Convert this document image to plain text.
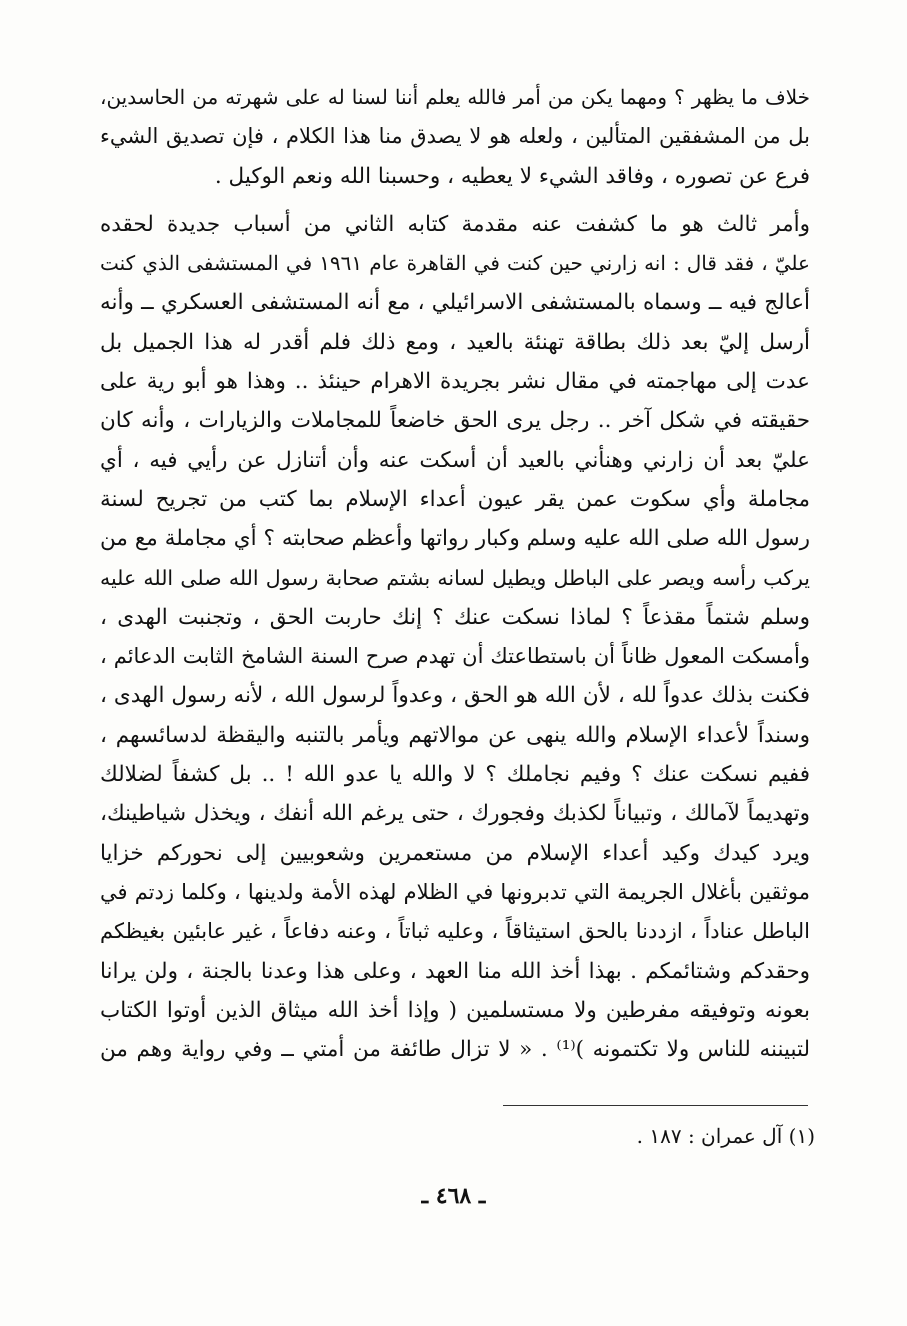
خلاف ما يظهر ؟ ومهما يكن من أمر فالله يعلم أننا لسنا له على شهرته من الحاسدين،
بل من المشفقين المتألين ، ولعله هو لا يصدق منا هذا الكلام ، فإن تصديق الشيء
فرع عن تصوره ، وفاقد الشيء لا يعطيه ، وحسبنا الله ونعم الوكيل .
وأمر ثالث هو ما كشفت عنه مقدمة كتابه الثاني من أسباب جديدة لحقده
عليّ ، فقد قال : انه زارني حين كنت في القاهرة عام ١٩٦١ في المستشفى الذي كنت
أعالج فيه ــ وسماه بالمستشفى الاسرائيلي ، مع أنه المستشفى العسكري ــ وأنه
أرسل إليّ بعد ذلك بطاقة تهنئة بالعيد ، ومع ذلك فلم أقدر له هذا الجميل بل
عدت إلى مهاجمته في مقال نشر بجريدة الاهرام حينئذ .. وهذا هو أبو رية على
حقيقته في شكل آخر .. رجل يرى الحق خاضعاً للمجاملات والزيارات ، وأنه كان
عليّ بعد أن زارني وهنأني بالعيد أن أسكت عنه وأن أتنازل عن رأيي فيه ، أي
مجاملة وأي سكوت عمن يقر عيون أعداء الإسلام بما كتب من تجريح لسنة
رسول الله صلى الله عليه وسلم وكبار رواتها وأعظم صحابته ؟ أي مجاملة مع من
يركب رأسه ويصر على الباطل ويطيل لسانه بشتم صحابة رسول الله صلى الله عليه
وسلم شتماً مقذعاً ؟ لماذا نسكت عنك ؟ إنك حاربت الحق ، وتجنبت الهدى ،
وأمسكت المعول ظاناً أن باستطاعتك أن تهدم صرح السنة الشامخ الثابت الدعائم ،
فكنت بذلك عدواً لله ، لأن الله هو الحق ، وعدواً لرسول الله ، لأنه رسول الهدى ،
وسنداً لأعداء الإسلام والله ينهى عن موالاتهم ويأمر بالتنبه واليقظة لدسائسهم ،
ففيم نسكت عنك ؟ وفيم نجاملك ؟ لا والله يا عدو الله ! .. بل كشفاً لضلالك
وتهديماً لآمالك ، وتبياناً لكذبك وفجورك ، حتى يرغم الله أنفك ، ويخذل شياطينك،
ويرد كيدك وكيد أعداء الإسلام من مستعمرين وشعوبيين إلى نحوركم خزايا
موثقين بأغلال الجريمة التي تدبرونها في الظلام لهذه الأمة ولدينها ، وكلما زدتم في
الباطل عناداً ، ازددنا بالحق استيثاقاً ، وعليه ثباتاً ، وعنه دفاعاً ، غير عابئين بغيظكم
وحقدكم وشتائمكم . بهذا أخذ الله منا العهد ، وعلى هذا وعدنا بالجنة ، ولن يرانا
بعونه وتوفيقه مفرطين ولا مستسلمين ( وإذا أخذ الله ميثاق الذين أوتوا الكتاب
لتبيننه للناس ولا تكتمونه )⁽¹⁾ . « لا تزال طائفة من أمتي ــ وفي رواية وهم من
(١) آل عمران : ١٨٧ .
ـ ٤٦٨ ـ
